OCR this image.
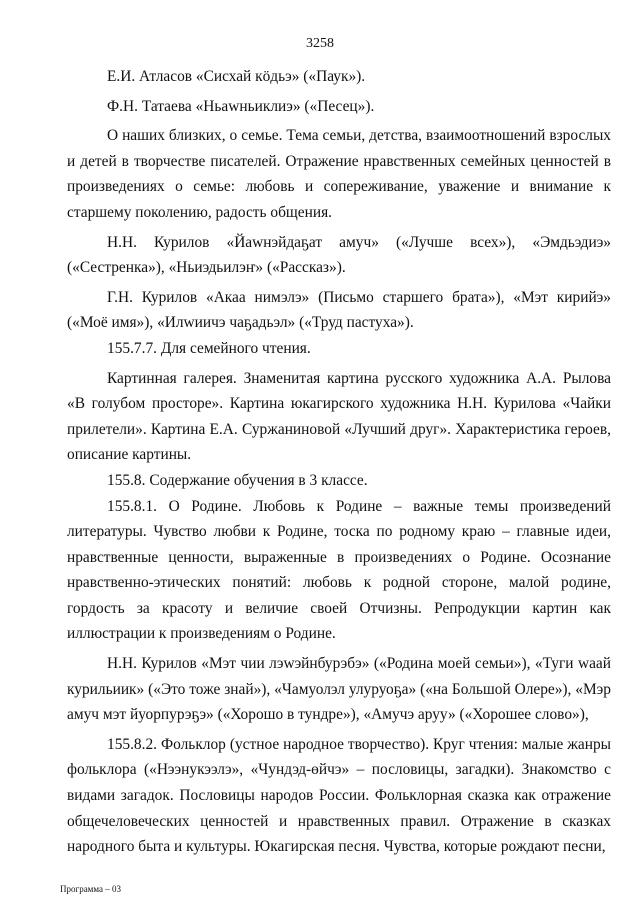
3258

Е.И. Атласов «Сисхай кӧдьэ» («Паук»).

Ф.Н. Татаева «Ньawньиклиэ» («Песец»).

О наших близких, о семье. Тема семьи, детства, взаимоотношений взрослых и детей в творчестве писателей. Отражение нравственных семейных ценностей в произведениях о семье: любовь и сопереживание, уважение и внимание к старшему поколению, радость общения.

Н.Н. Курилов «Йаwнэйдаҕат амуч» («Лучше всех»), «Эмдьэдиэ» («Сестренка»), «Ньиэдьилэҥ» («Рассказ»).

Г.Н. Курилов «Акаа нимэлэ» (Письмо старшего брата»), «Мэт кирийэ» («Моё имя»), «Илwиичэ чаҕадьэл» («Труд пастуха»).

155.7.7. Для семейного чтения.

Картинная галерея. Знаменитая картина русского художника А.А. Рылова «В голубом просторе». Картина юкагирского художника Н.Н. Курилова «Чайки прилетели». Картина Е.А. Суржаниновой «Лучший друг». Характеристика героев, описание картины.

155.8. Содержание обучения в 3 классе.

155.8.1. О Родине. Любовь к Родине – важные темы произведений литературы. Чувство любви к Родине, тоска по родному краю – главные идеи, нравственные ценности, выраженные в произведениях о Родине. Осознание нравственно-этических понятий: любовь к родной стороне, малой родине, гордость за красоту и величие своей Отчизны. Репродукции картин как иллюстрации к произведениям о Родине.

Н.Н. Курилов «Мэт чии лэwэйнбурэбэ» («Родина моей семьи»), «Туги waaй курильиик» («Это тоже знай»), «Чамуолэл улуруоҕа» («на Большой Олере»), «Мэр амуч мэт йуорпурэҕэ» («Хорошо в тундре»), «Амучэ аруу» («Хорошее слово»),

155.8.2. Фольклор (устное народное творчество). Круг чтения: малые жанры фольклора («Нээнукээлэ», «Чундэд-өйчэ» – пословицы, загадки). Знакомство с видами загадок. Пословицы народов России. Фольклорная сказка как отражение общечеловеческих ценностей и нравственных правил. Отражение в сказках народного быта и культуры. Юкагирская песня. Чувства, которые рождают песни,

Программа – 03
